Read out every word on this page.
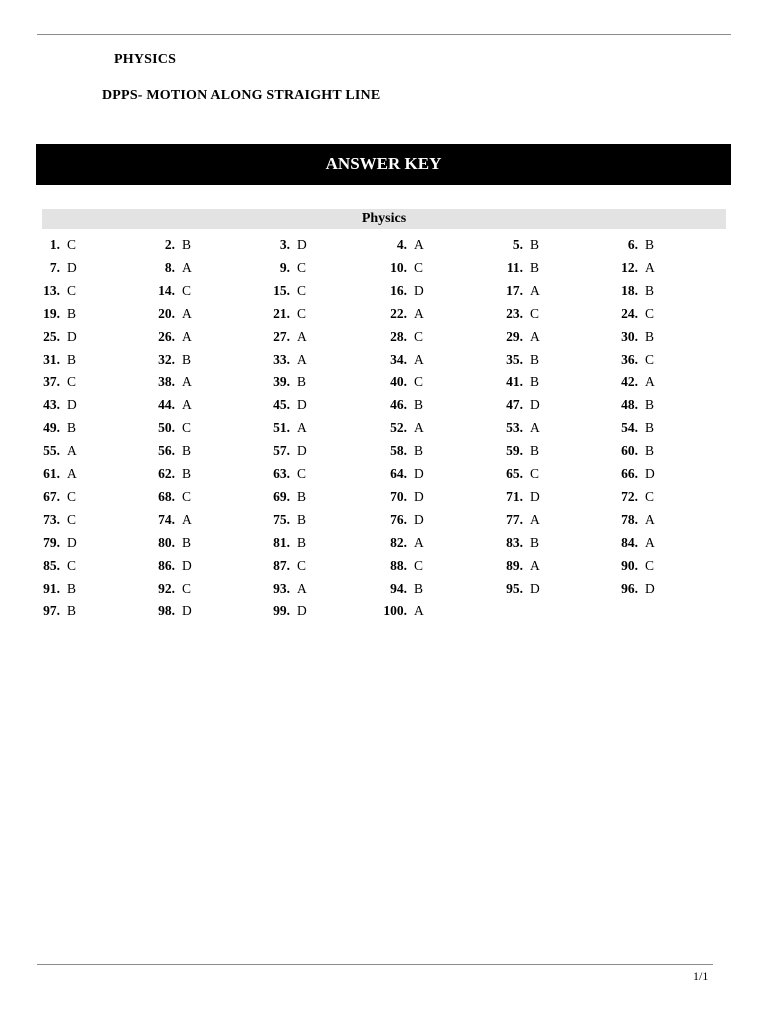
PHYSICS
DPPS- MOTION ALONG STRAIGHT LINE
ANSWER KEY
Physics
1. C	2. B	3. D	4. A	5. B	6. B
7. D	8. A	9. C	10. C	11. B	12. A
13. C	14. C	15. C	16. D	17. A	18. B
19. B	20. A	21. C	22. A	23. C	24. C
25. D	26. A	27. A	28. C	29. A	30. B
31. B	32. B	33. A	34. A	35. B	36. C
37. C	38. A	39. B	40. C	41. B	42. A
43. D	44. A	45. D	46. B	47. D	48. B
49. B	50. C	51. A	52. A	53. A	54. B
55. A	56. B	57. D	58. B	59. B	60. B
61. A	62. B	63. C	64. D	65. C	66. D
67. C	68. C	69. B	70. D	71. D	72. C
73. C	74. A	75. B	76. D	77. A	78. A
79. D	80. B	81. B	82. A	83. B	84. A
85. C	86. D	87. C	88. C	89. A	90. C
91. B	92. C	93. A	94. B	95. D	96. D
97. B	98. D	99. D	100. A
1/1
